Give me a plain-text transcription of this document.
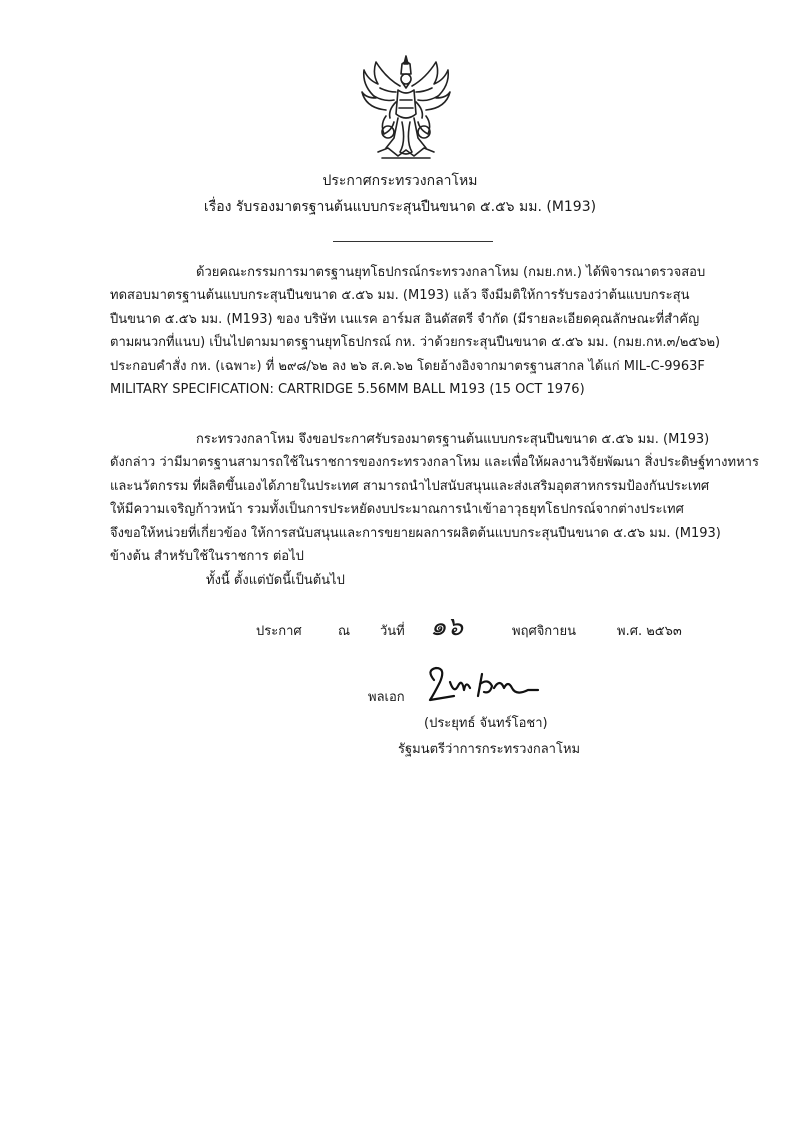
ประกาศกระทรวงกลาโหม
เรื่อง รับรองมาตรฐานต้นแบบกระสุนปืนขนาด ๕.๕๖ มม. (M193)
ด้วยคณะกรรมการมาตรฐานยุทโธปกรณ์กระทรวงกลาโหม (กมย.กห.) ได้พิจารณาตรวจสอบ
ทดสอบมาตรฐานต้นแบบกระสุนปืนขนาด ๕.๕๖ มม. (M193) แล้ว จึงมีมติให้การรับรองว่าต้นแบบกระสุน
ปืนขนาด ๕.๕๖ มม. (M193) ของ บริษัท เนแรค อาร์มส อินดัสตรี จำกัด (มีรายละเอียดคุณลักษณะที่สำคัญ
ตามผนวกที่แนบ) เป็นไปตามมาตรฐานยุทโธปกรณ์ กห. ว่าด้วยกระสุนปืนขนาด ๕.๕๖ มม. (กมย.กห.๓/๒๕๖๒)
ประกอบคำสั่ง กห. (เฉพาะ) ที่ ๒๙๘/๖๒ ลง ๒๖ ส.ค.๖๒ โดยอ้างอิงจากมาตรฐานสากล ได้แก่ MIL-C-9963F
MILITARY SPECIFICATION: CARTRIDGE 5.56MM BALL M193 (15 OCT 1976)
กระทรวงกลาโหม จึงขอประกาศรับรองมาตรฐานต้นแบบกระสุนปืนขนาด ๕.๕๖ มม. (M193)
ดังกล่าว ว่ามีมาตรฐานสามารถใช้ในราชการของกระทรวงกลาโหม และเพื่อให้ผลงานวิจัยพัฒนา สิ่งประดิษฐ์ทางทหาร
และนวัตกรรม ที่ผลิตขึ้นเองได้ภายในประเทศ สามารถนำไปสนับสนุนและส่งเสริมอุตสาหกรรมป้องกันประเทศ
ให้มีความเจริญก้าวหน้า รวมทั้งเป็นการประหยัดงบประมาณการนำเข้าอาวุธยุทโธปกรณ์จากต่างประเทศ
จึงขอให้หน่วยที่เกี่ยวข้อง ให้การสนับสนุนและการขยายผลการผลิตต้นแบบกระสุนปืนขนาด ๕.๕๖ มม. (M193)
ข้างต้น สำหรับใช้ในราชการ ต่อไป
ทั้งนี้ ตั้งแต่บัดนี้เป็นต้นไป
ประกาศ	ณ วันที่ ๑๖	พฤศจิกายน	พ.ศ. ๒๕๖๓
พลเอก
(ประยุทธ์ จันทร์โอชา)
รัฐมนตรีว่าการกระทรวงกลาโหม
